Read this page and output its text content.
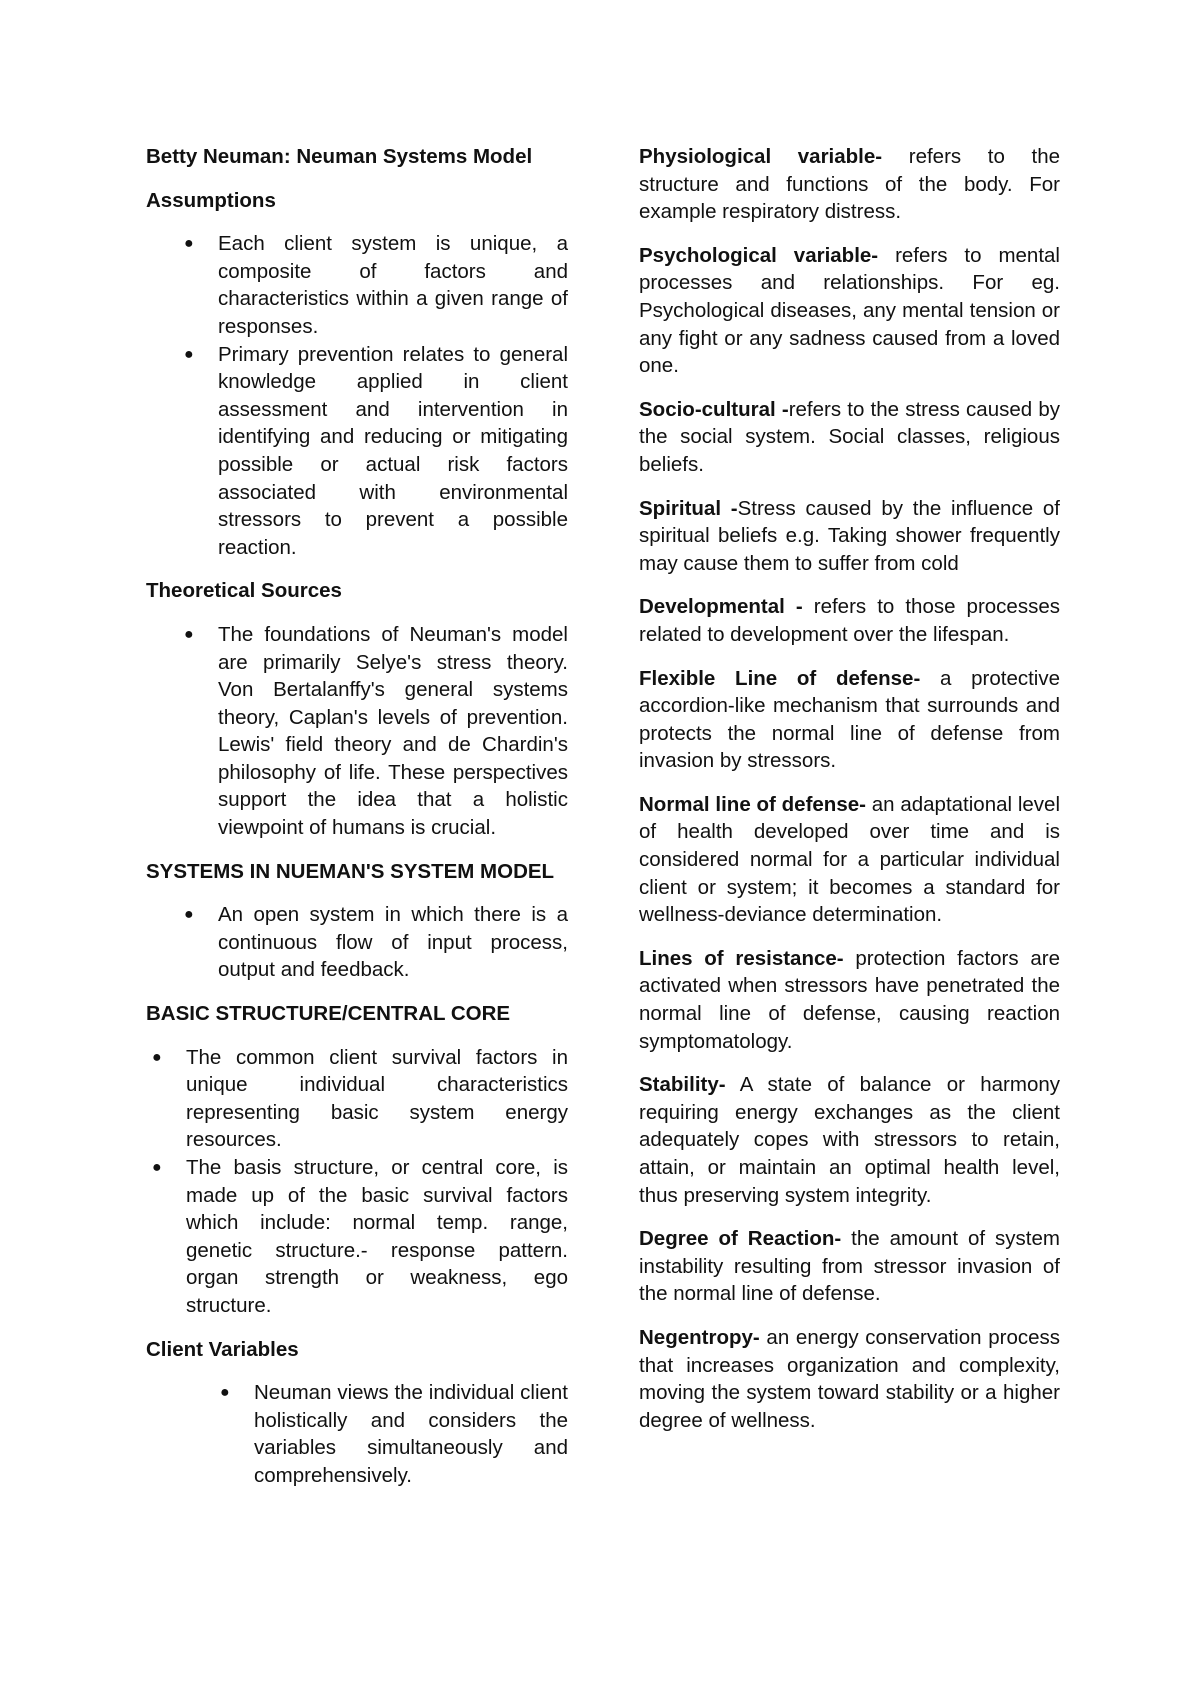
Betty Neuman: Neuman Systems Model
Assumptions
● Each client system is unique, a composite of factors and characteristics within a given range of responses.
● Primary prevention relates to general knowledge applied in client assessment and intervention in identifying and reducing or mitigating possible or actual risk factors associated with environmental stressors to prevent a possible reaction.
Theoretical Sources
● The foundations of Neuman's model are primarily Selye's stress theory. Von Bertalanffy's general systems theory, Caplan's levels of prevention. Lewis' field theory and de Chardin's philosophy of life. These perspectives support the idea that a holistic viewpoint of humans is crucial.
SYSTEMS IN NUEMAN'S SYSTEM MODEL
● An open system in which there is a continuous flow of input process, output and feedback.
BASIC STRUCTURE/CENTRAL CORE
● The common client survival factors in unique individual characteristics representing basic system energy resources.
● The basis structure, or central core, is made up of the basic survival factors which include: normal temp. range, genetic structure.- response pattern. organ strength or weakness, ego structure.
Client Variables
● Neuman views the individual client holistically and considers the variables simultaneously and comprehensively.

Physiological variable- refers to the structure and functions of the body. For example respiratory distress.

Psychological variable- refers to mental processes and relationships. For eg. Psychological diseases, any mental tension or any fight or any sadness caused from a loved one.

Socio-cultural -refers to the stress caused by the social system. Social classes, religious beliefs.

Spiritual -Stress caused by the influence of spiritual beliefs e.g. Taking shower frequently may cause them to suffer from cold

Developmental - refers to those processes related to development over the lifespan.

Flexible Line of defense- a protective accordion-like mechanism that surrounds and protects the normal line of defense from invasion by stressors.

Normal line of defense- an adaptational level of health developed over time and is considered normal for a particular individual client or system; it becomes a standard for wellness-deviance determination.

Lines of resistance- protection factors are activated when stressors have penetrated the normal line of defense, causing reaction symptomatology.

Stability- A state of balance or harmony requiring energy exchanges as the client adequately copes with stressors to retain, attain, or maintain an optimal health level, thus preserving system integrity.

Degree of Reaction- the amount of system instability resulting from stressor invasion of the normal line of defense.

Negentropy- an energy conservation process that increases organization and complexity, moving the system toward stability or a higher degree of wellness.
